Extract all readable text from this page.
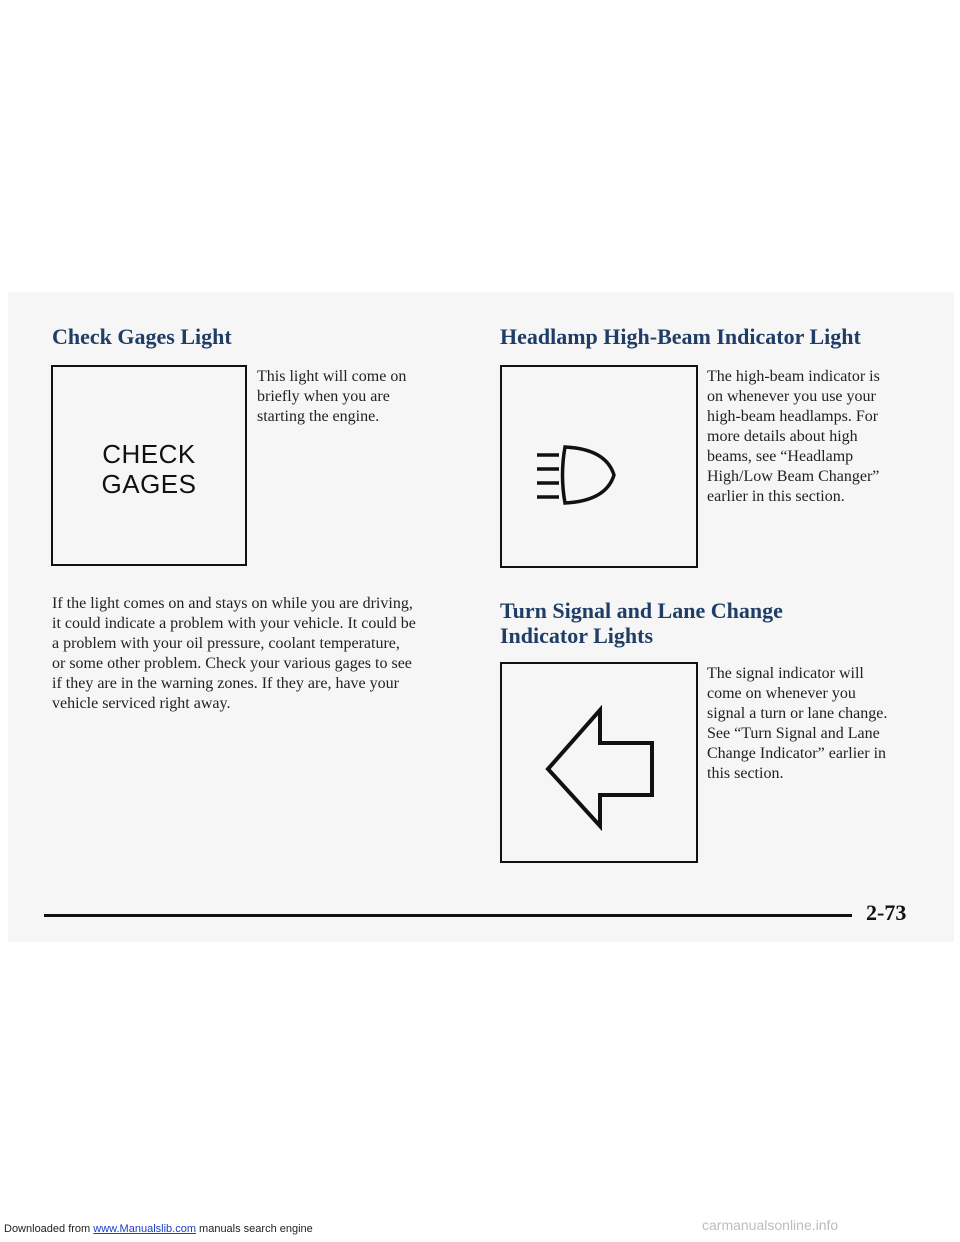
Check Gages Light
CHECK
GAGES
This light will come on
briefly when you are
starting the engine.
If the light comes on and stays on while you are driving,
it could indicate a problem with your vehicle. It could be
a problem with your oil pressure, coolant temperature,
or some other problem. Check your various gages to see
if they are in the warning zones. If they are, have your
vehicle serviced right away.
Headlamp High-Beam Indicator Light
The high-beam indicator is
on whenever you use your
high-beam headlamps. For
more details about high
beams, see “Headlamp
High/Low Beam Changer”
earlier in this section.
Turn Signal and Lane Change
Indicator Lights
The signal indicator will
come on whenever you
signal a turn or lane change.
See “Turn Signal and Lane
Change Indicator” earlier in
this section.

2-73

Downloaded from www.Manualslib.com manuals search engine	carmanualsonline.info
